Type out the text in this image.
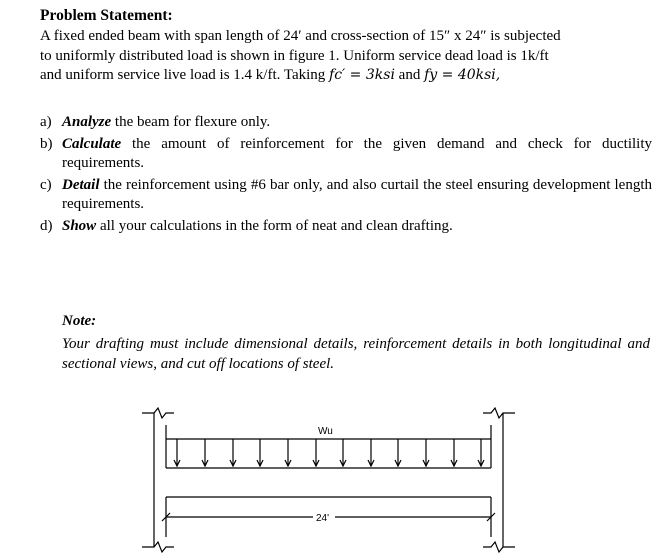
Problem Statement:
A fixed ended beam with span length of 24′ and cross-section of 15″ x 24″ is subjected
to uniformly distributed load is shown in figure 1. Uniform service dead load is 1k/ft
and uniform service live load is 1.4 k/ft. Taking fc′ = 3ksi and fy = 40ksi,
a) Analyze the beam for flexure only.
b) Calculate the amount of reinforcement for the given demand and check for ductility requirements.
c) Detail the reinforcement using #6 bar only, and also curtail the steel ensuring development length requirements.
d) Show all your calculations in the form of neat and clean drafting.
Note:
Your drafting must include dimensional details, reinforcement details in both longitudinal and sectional views, and cut off locations of steel.
Wu
24'
